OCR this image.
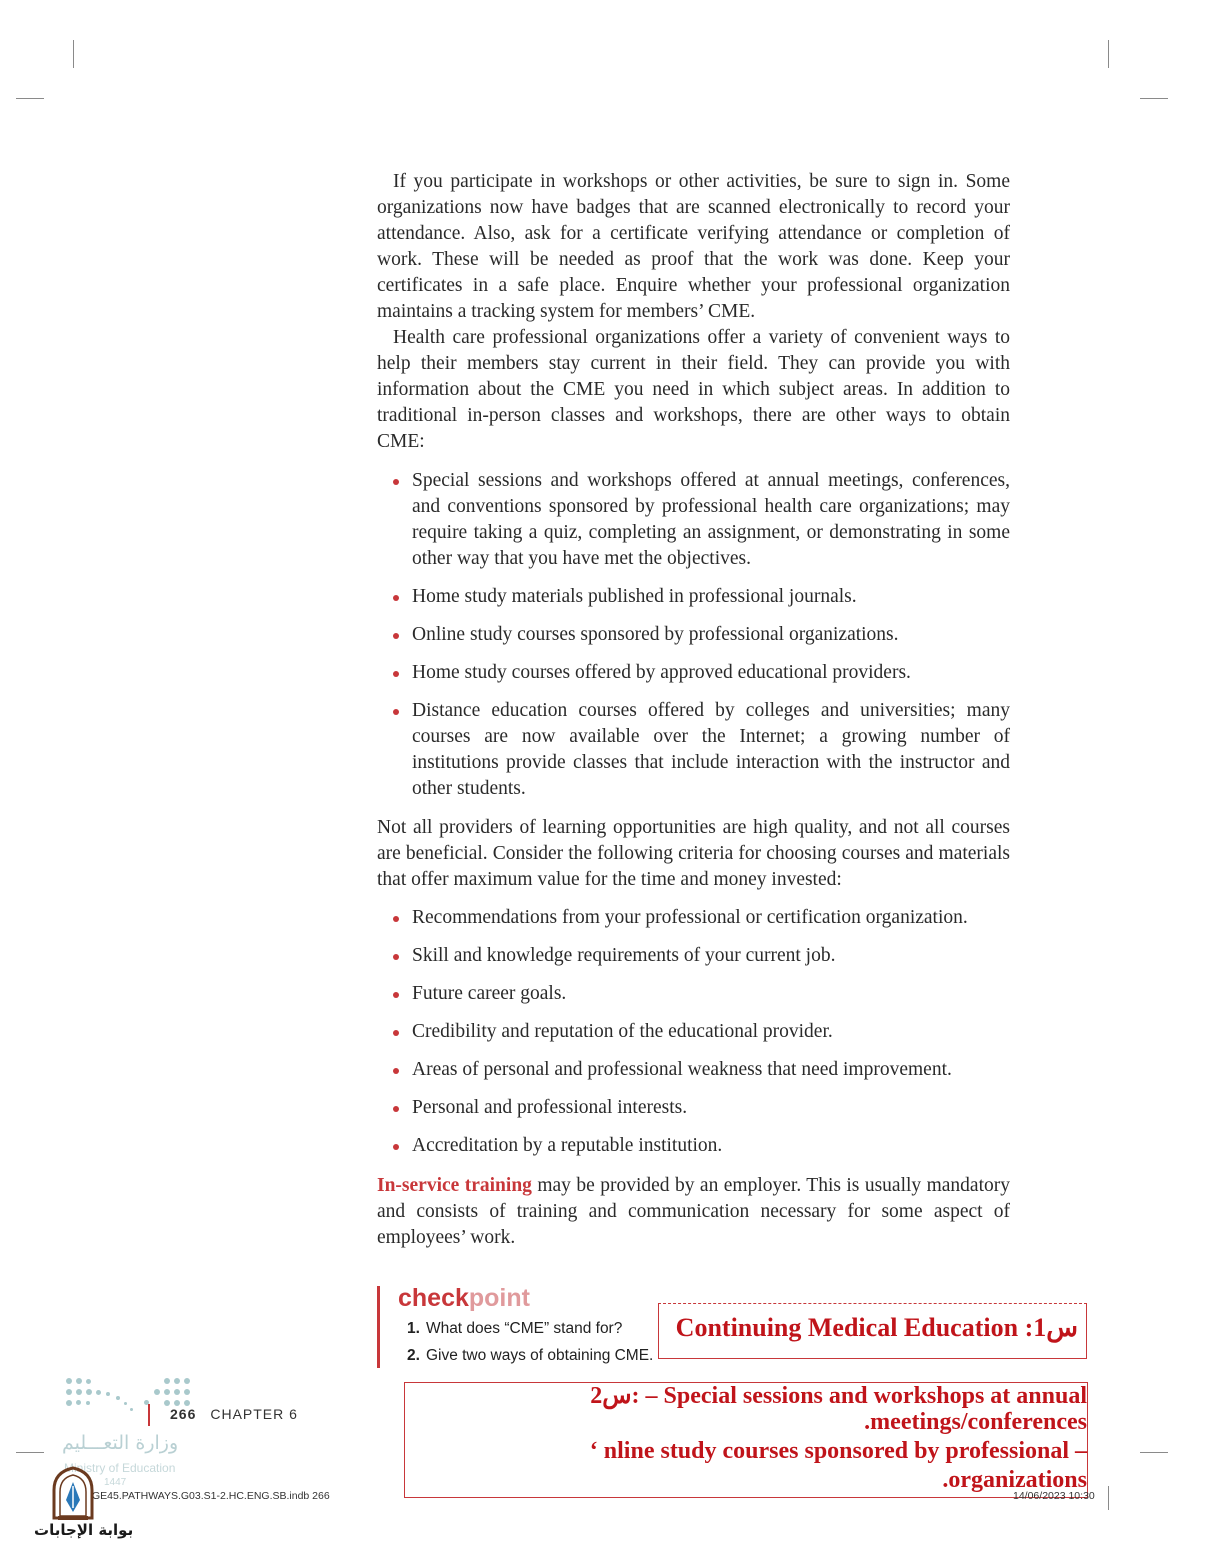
If you participate in workshops or other activities, be sure to sign in. Some organizations now have badges that are scanned electronically to record your attendance. Also, ask for a certificate verifying attendance or completion of work. These will be needed as proof that the work was done. Keep your certificates in a safe place. Enquire whether your professional organization maintains a tracking system for members’ CME.

Health care professional organizations offer a variety of convenient ways to help their members stay current in their field. They can provide you with information about the CME you need in which subject areas. In addition to traditional in-person classes and workshops, there are other ways to obtain CME:

Special sessions and workshops offered at annual meetings, conferences, and conventions sponsored by professional health care organizations; may require taking a quiz, completing an assignment, or demonstrating in some other way that you have met the objectives.
Home study materials published in professional journals.
Online study courses sponsored by professional organizations.
Home study courses offered by approved educational providers.
Distance education courses offered by colleges and universities; many courses are now available over the Internet; a growing number of institutions provide classes that include interaction with the instructor and other students.

Not all providers of learning opportunities are high quality, and not all courses are beneficial. Consider the following criteria for choosing courses and materials that offer maximum value for the time and money invested:

Recommendations from your professional or certification organization.
Skill and knowledge requirements of your current job.
Future career goals.
Credibility and reputation of the educational provider.
Areas of personal and professional weakness that need improvement.
Personal and professional interests.
Accreditation by a reputable institution.

In-service training may be provided by an employer. This is usually mandatory and consists of training and communication necessary for some aspect of employees’ work.

checkpoint
1. What does “CME” stand for?
2. Give two ways of obtaining CME.
س1: Continuing Medical Education
س2: – Special sessions and workshops at annual
.meetings/conferences
‘ nline study courses sponsored by professional –
.organizations
266 CHAPTER 6
وزارة التعـــليم
Ministry of Education
1447
GE45.PATHWAYS.G03.S1-2.HC.ENG.SB.indb 266	14/06/2023 10:30
بوابة الإجابات
